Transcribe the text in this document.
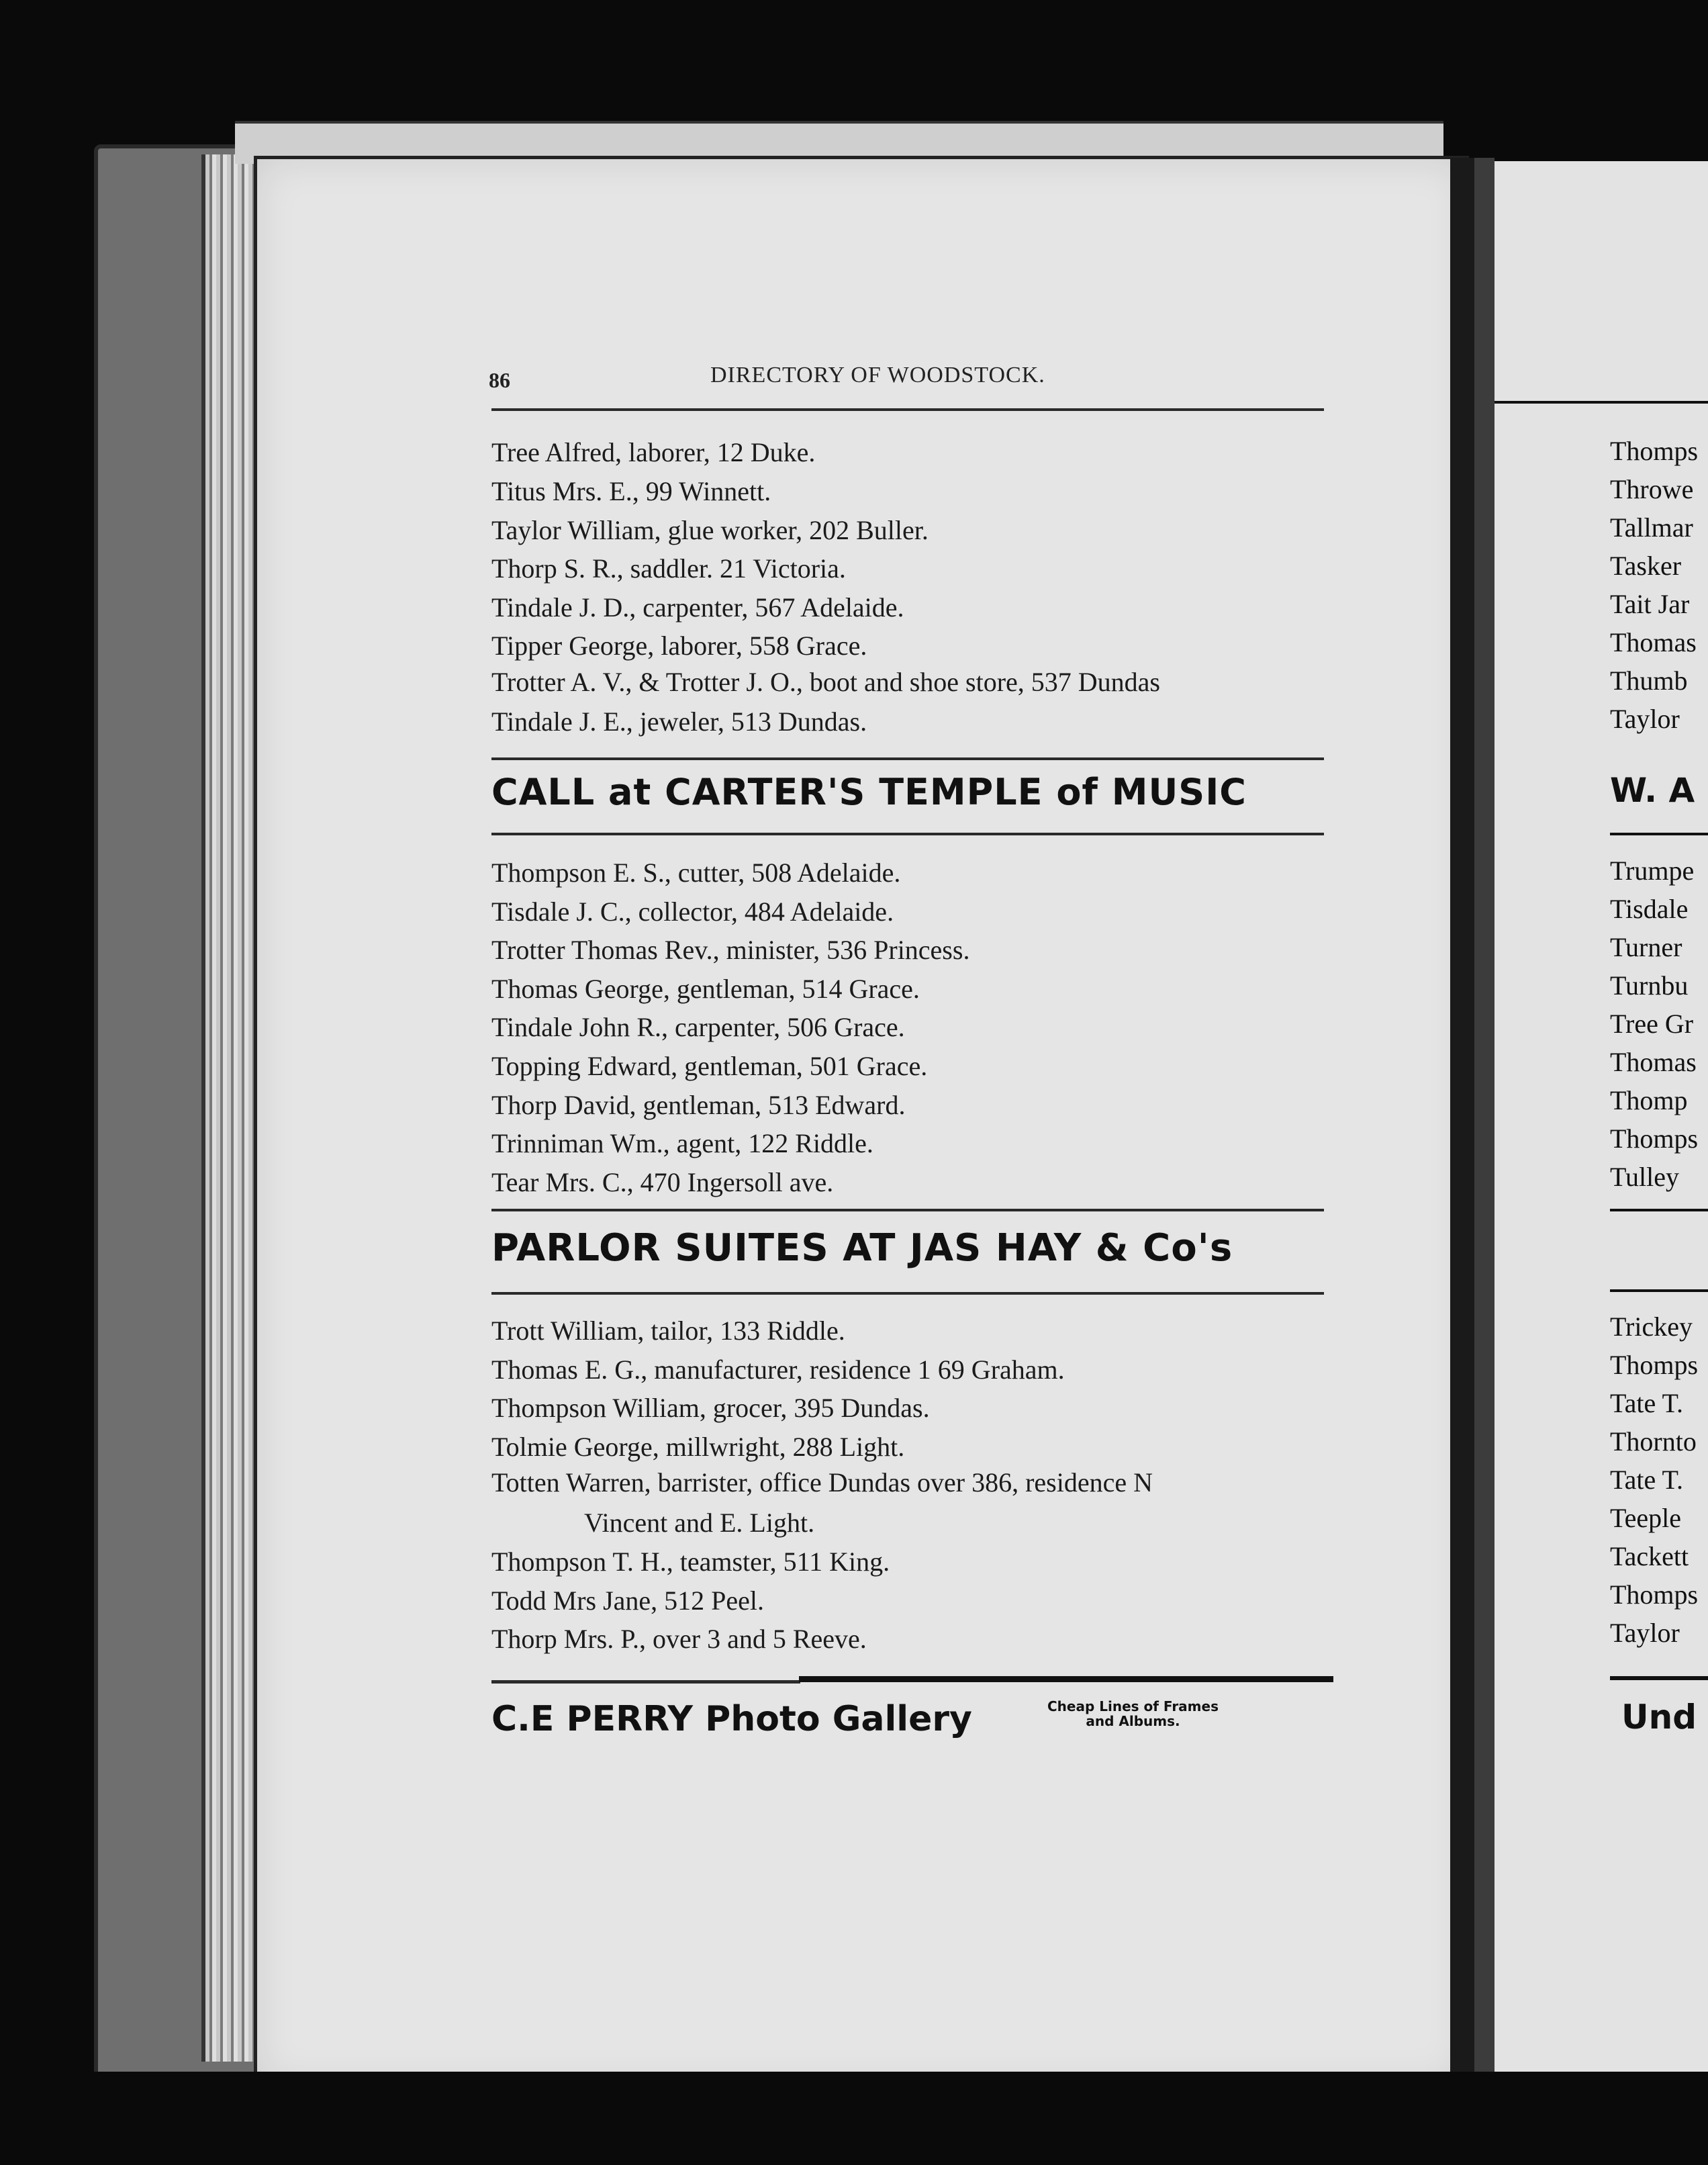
86	DIRECTORY OF WOODSTOCK.
Tree Alfred, laborer, 12 Duke.
Titus Mrs. E., 99 Winnett.
Taylor William, glue worker, 202 Buller.
Thorp S. R., saddler. 21 Victoria.
Tindale J. D., carpenter, 567 Adelaide.
Tipper George, laborer, 558 Grace.
Trotter A. V., & Trotter J. O., boot and shoe store, 537 Dundas
Tindale J. E., jeweler, 513 Dundas.
CALL at CARTER'S TEMPLE of MUSIC
Thompson E. S., cutter, 508 Adelaide.
Tisdale J. C., collector, 484 Adelaide.
Trotter Thomas Rev., minister, 536 Princess.
Thomas George, gentleman, 514 Grace.
Tindale John R., carpenter, 506 Grace.
Topping Edward, gentleman, 501 Grace.
Thorp David, gentleman, 513 Edward.
Trinniman Wm., agent, 122 Riddle.
Tear Mrs. C., 470 Ingersoll ave.
PARLOR SUITES AT JAS HAY & Co's
Trott William, tailor, 133 Riddle.
Thomas E. G., manufacturer, residence 1 69 Graham.
Thompson William, grocer, 395 Dundas.
Tolmie George, millwright, 288 Light.
Totten Warren, barrister, office Dundas over 386, residence N
Vincent and E. Light.
Thompson T. H., teamster, 511 King.
Todd Mrs Jane, 512 Peel.
Thorp Mrs. P., over 3 and 5 Reeve.
C.E PERRY Photo Gallery	Cheap Lines of Frames
and Albums.
Thomps
Throwe
Tallmar
Tasker
Tait Jar
Thomas
Thumb
Taylor
W. A
Trumpe
Tisdale
Turner
Turnbu
Tree Gr
Thomas
Thomp
Thomps
Tulley
Trickey
Thomps
Tate T.
Thornto
Tate T.
Teeple
Tackett
Thomps
Taylor
Und
